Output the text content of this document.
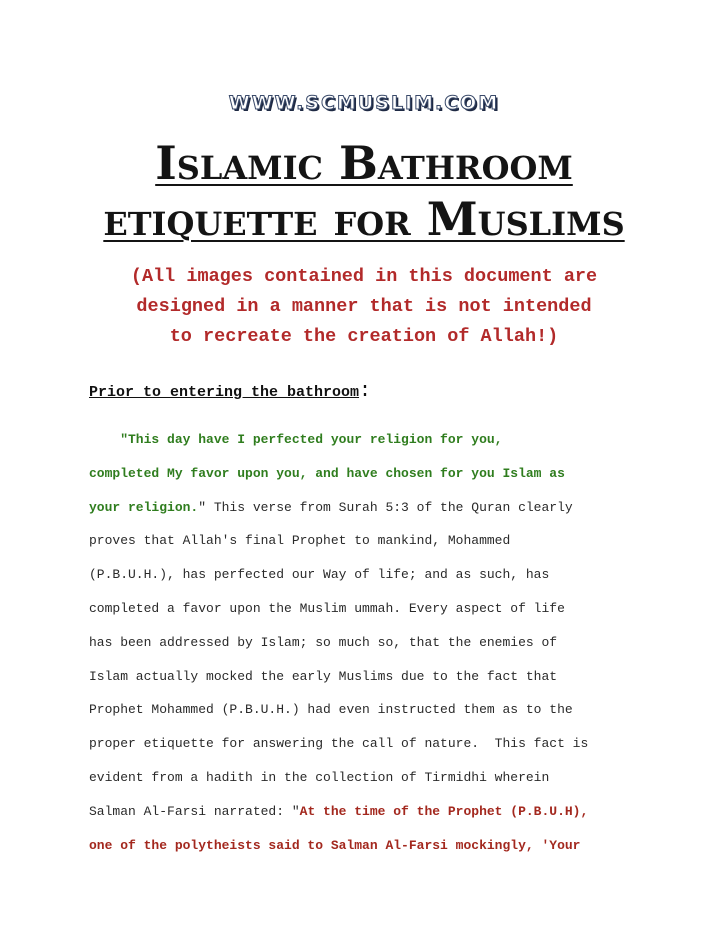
WWW.SCMUSLIM.COM
Islamic Bathroom
etiquette for Muslims
(All images contained in this document are
designed in a manner that is not intended
to recreate the creation of Allah!)
Prior to entering the bathroom:
"This day have I perfected your religion for you,
completed My favor upon you, and have chosen for you Islam as
your religion." This verse from Surah 5:3 of the Quran clearly
proves that Allah's final Prophet to mankind, Mohammed
(P.B.U.H.), has perfected our Way of life; and as such, has
completed a favor upon the Muslim ummah. Every aspect of life
has been addressed by Islam; so much so, that the enemies of
Islam actually mocked the early Muslims due to the fact that
Prophet Mohammed (P.B.U.H.) had even instructed them as to the
proper etiquette for answering the call of nature.  This fact is
evident from a hadith in the collection of Tirmidhi wherein
Salman Al-Farsi narrated: "At the time of the Prophet (P.B.U.H),
one of the polytheists said to Salman Al-Farsi mockingly, 'Your
